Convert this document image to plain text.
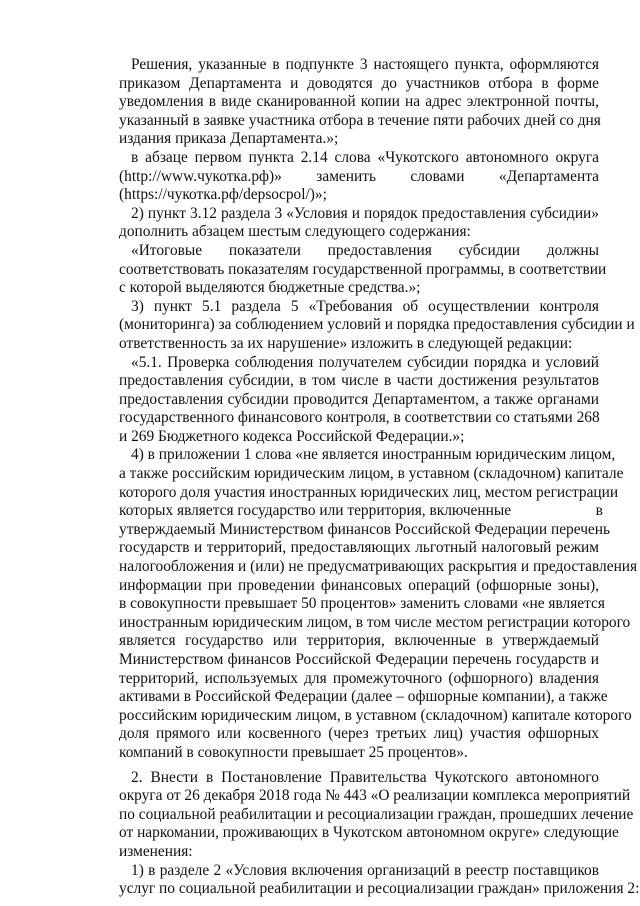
Решения, указанные в подпункте 3 настоящего пункта, оформляются
приказом Департамента и доводятся до участников отбора в форме
уведомления в виде сканированной копии на адрес электронной почты,
указанный в заявке участника отбора в течение пяти рабочих дней со дня
издания приказа Департамента.»;
в абзаце первом пункта 2.14 слова «Чукотского автономного округа
(http://www.чукотка.рф)»     заменить     словами     «Департамента
(https://чукотка.рф/depsocpol/)»;
2) пункт 3.12 раздела 3 «Условия и порядок предоставления субсидии»
дополнить абзацем шестым следующего содержания:
«Итоговые    показатели    предоставления    субсидии    должны
соответствовать показателям государственной программы, в соответствии
с которой выделяются бюджетные средства.»;
3) пункт 5.1 раздела 5 «Требования об осуществлении контроля
(мониторинга) за соблюдением условий и порядка предоставления субсидии и
ответственность за их нарушение» изложить в следующей редакции:
«5.1. Проверка соблюдения получателем субсидии порядка и условий
предоставления субсидии, в том числе в части достижения результатов
предоставления субсидии проводится Департаментом, а также органами
государственного финансового контроля, в соответствии со статьями 268
и 269 Бюджетного кодекса Российской Федерации.»;
4) в приложении 1 слова «не является иностранным юридическим лицом,
а также российским юридическим лицом, в уставном (складочном) капитале
которого доля участия иностранных юридических лиц, местом регистрации
которых является государство или территория, включенные                      в
утверждаемый Министерством финансов Российской Федерации перечень
государств и территорий, предоставляющих льготный налоговый режим
налогообложения и (или) не предусматривающих раскрытия и предоставления
информации при проведении финансовых операций (офшорные зоны),
в совокупности превышает 50 процентов» заменить словами «не является
иностранным юридическим лицом, в том числе местом регистрации которого
является  государство  или  территория,  включенные  в  утверждаемый
Министерством финансов Российской Федерации перечень государств и
территорий, используемых для промежуточного (офшорного) владения
активами в Российской Федерации (далее – офшорные компании), а также
российским юридическим лицом, в уставном (складочном) капитале которого
доля прямого или косвенного (через третьих лиц) участия офшорных
компаний в совокупности превышает 25 процентов».
2. Внести в Постановление Правительства Чукотского автономного
округа от 26 декабря 2018 года № 443 «О реализации комплекса мероприятий
по социальной реабилитации и ресоциализации граждан, прошедших лечение
от наркомании, проживающих в Чукотском автономном округе» следующие
изменения:
1) в разделе 2 «Условия включения организаций в реестр поставщиков
услуг по социальной реабилитации и ресоциализации граждан» приложения 2:
